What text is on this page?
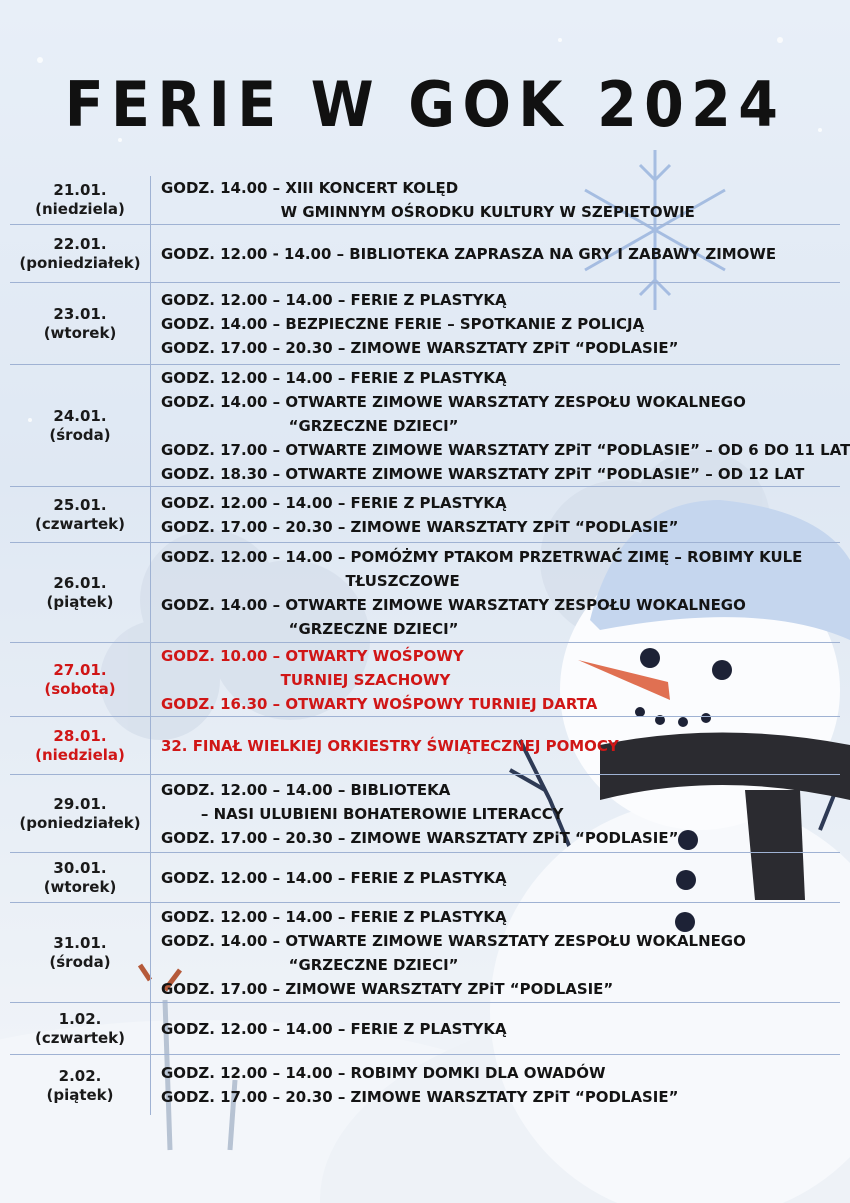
FERIE W GOK 2024
21.01.
(niedziela)
GODZ. 14.00 – XIII KONCERT KOLĘD
W GMINNYM OŚRODKU KULTURY W SZEPIETOWIE
22.01.
(poniedziałek) GODZ. 12.00 - 14.00 – BIBLIOTEKA ZAPRASZA NA GRY I ZABAWY ZIMOWE
23.01.
(wtorek)
GODZ. 12.00 – 14.00 – FERIE Z PLASTYKĄ
GODZ. 14.00 – BEZPIECZNE FERIE – SPOTKANIE Z POLICJĄ
GODZ. 17.00 – 20.30 – ZIMOWE WARSZTATY ZPiT “PODLASIE”
24.01.
(środa)
GODZ. 12.00 – 14.00 – FERIE Z PLASTYKĄ
GODZ. 14.00 – OTWARTE ZIMOWE WARSZTATY ZESPOŁU WOKALNEGO
“GRZECZNE DZIECI”
GODZ. 17.00 – OTWARTE ZIMOWE WARSZTATY ZPiT “PODLASIE” – OD 6 DO 11 LAT
GODZ. 18.30 – OTWARTE ZIMOWE WARSZTATY ZPiT “PODLASIE” – OD 12 LAT
25.01.
(czwartek)
GODZ. 12.00 – 14.00 – FERIE Z PLASTYKĄ
GODZ. 17.00 – 20.30 – ZIMOWE WARSZTATY ZPiT “PODLASIE”
26.01.
(piątek)
GODZ. 12.00 – 14.00 – POMÓŻMY PTAKOM PRZETRWAĆ ZIMĘ – ROBIMY KULE
TŁUSZCZOWE
GODZ. 14.00 – OTWARTE ZIMOWE WARSZTATY ZESPOŁU WOKALNEGO
“GRZECZNE DZIECI”
27.01.
(sobota)
GODZ. 10.00 – OTWARTY WOŚPOWY
TURNIEJ SZACHOWY
GODZ. 16.30 – OTWARTY WOŚPOWY TURNIEJ DARTA
28.01.
(niedziela) 32. FINAŁ WIELKIEJ ORKIESTRY ŚWIĄTECZNEJ POMOCY
29.01.
(poniedziałek)
GODZ. 12.00 – 14.00 – BIBLIOTEKA
– NASI ULUBIENI BOHATEROWIE LITERACCY
GODZ. 17.00 – 20.30 – ZIMOWE WARSZTATY ZPiT “PODLASIE”
30.01.
(wtorek)	GODZ. 12.00 – 14.00 – FERIE Z PLASTYKĄ
31.01.
(środa)
GODZ. 12.00 – 14.00 – FERIE Z PLASTYKĄ
GODZ. 14.00 – OTWARTE ZIMOWE WARSZTATY ZESPOŁU WOKALNEGO
“GRZECZNE DZIECI”
GODZ. 17.00 – ZIMOWE WARSZTATY ZPiT “PODLASIE”
1.02.
(czwartek) GODZ. 12.00 – 14.00 – FERIE Z PLASTYKĄ
2.02.
(piątek)
GODZ. 12.00 – 14.00 – ROBIMY DOMKI DLA OWADÓW
GODZ. 17.00 – 20.30 – ZIMOWE WARSZTATY ZPiT “PODLASIE”
